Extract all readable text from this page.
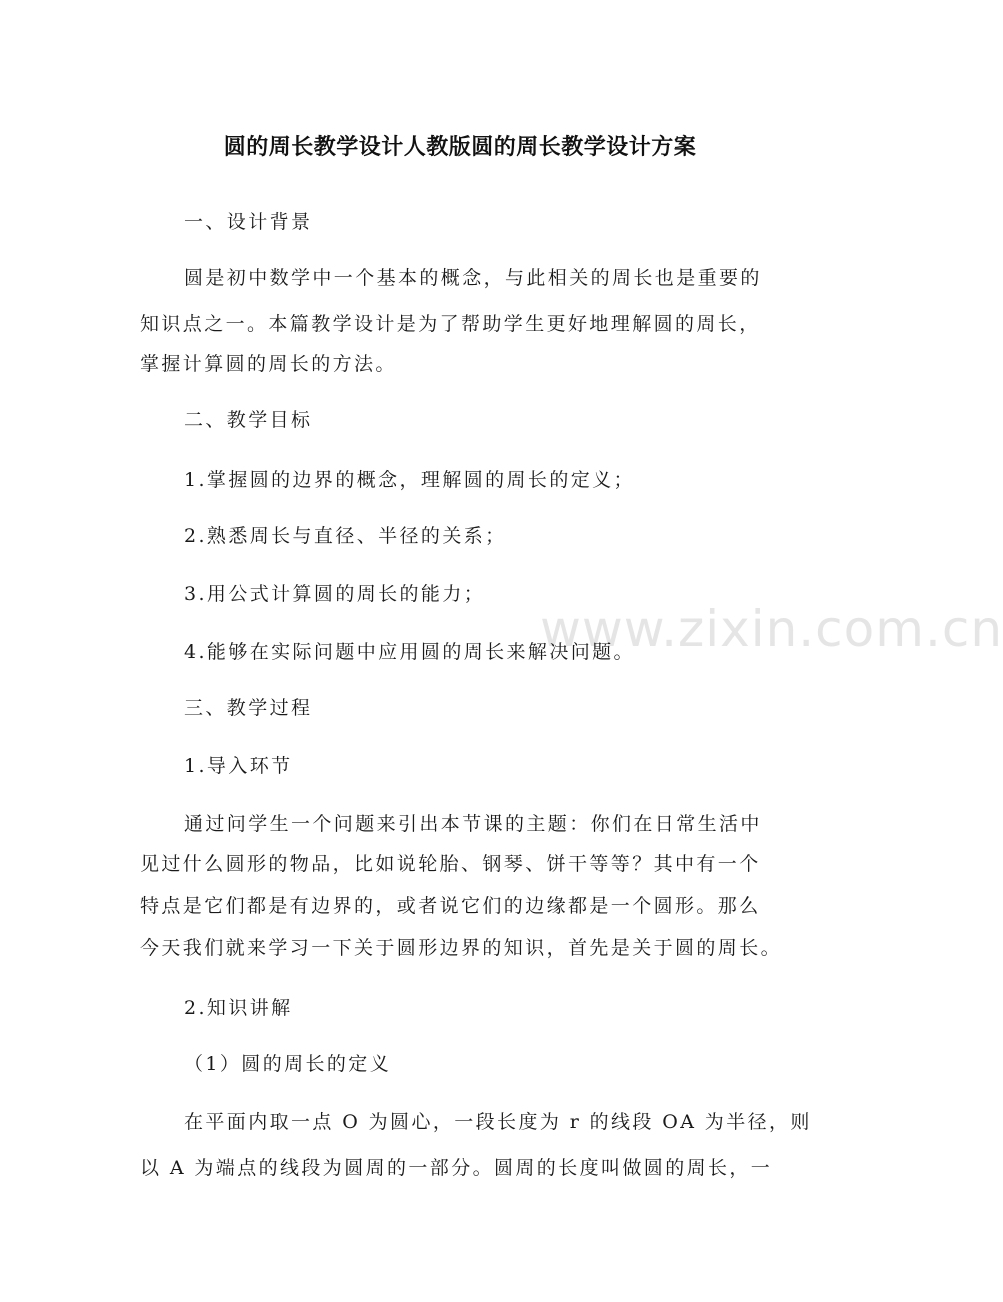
圆的周长教学设计人教版圆的周长教学设计方案
www.zixin.com.cn
一、设计背景
圆是初中数学中一个基本的概念，与此相关的周长也是重要的
知识点之一。本篇教学设计是为了帮助学生更好地理解圆的周长，
掌握计算圆的周长的方法。
二、教学目标
1.掌握圆的边界的概念，理解圆的周长的定义；
2.熟悉周长与直径、半径的关系；
3.用公式计算圆的周长的能力；
4.能够在实际问题中应用圆的周长来解决问题。
三、教学过程
1.导入环节
通过问学生一个问题来引出本节课的主题：你们在日常生活中
见过什么圆形的物品，比如说轮胎、钢琴、饼干等等？其中有一个
特点是它们都是有边界的，或者说它们的边缘都是一个圆形。那么
今天我们就来学习一下关于圆形边界的知识，首先是关于圆的周长。
2.知识讲解
（1）圆的周长的定义
在平面内取一点 O 为圆心，一段长度为 r 的线段 OA 为半径，则
以 A 为端点的线段为圆周的一部分。圆周的长度叫做圆的周长，一
